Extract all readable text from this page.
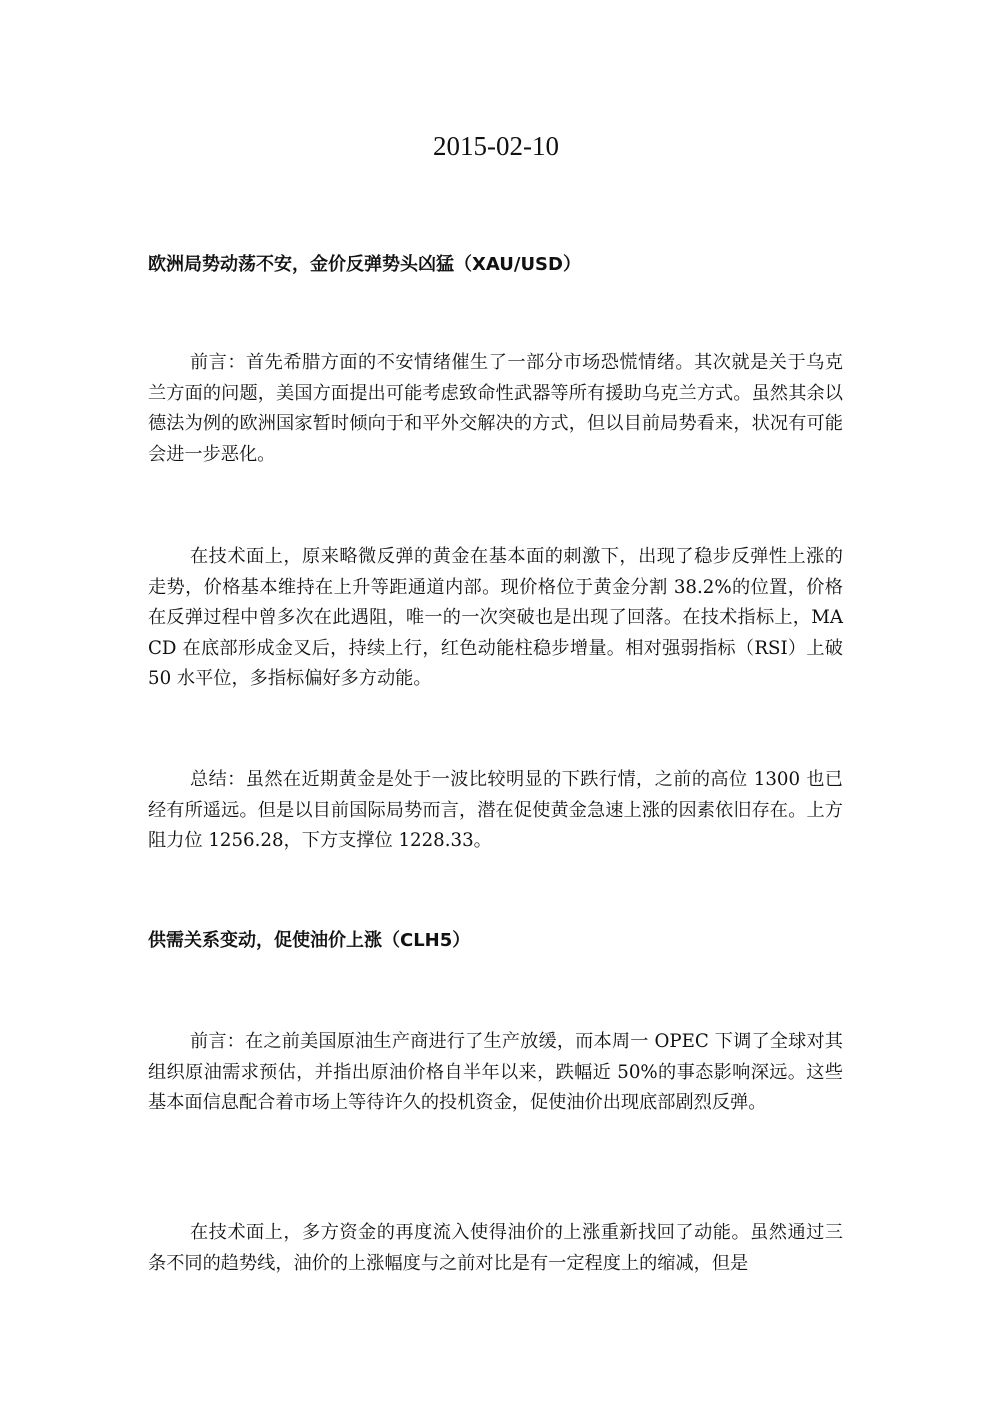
2015-02-10
欧洲局势动荡不安，金价反弹势头凶猛（XAU/USD）
前言：首先希腊方面的不安情绪催生了一部分市场恐慌情绪。其次就是关于乌克兰方面的问题，美国方面提出可能考虑致命性武器等所有援助乌克兰方式。虽然其余以德法为例的欧洲国家暂时倾向于和平外交解决的方式，但以目前局势看来，状况有可能会进一步恶化。
在技术面上，原来略微反弹的黄金在基本面的刺激下，出现了稳步反弹性上涨的走势，价格基本维持在上升等距通道内部。现价格位于黄金分割 38.2%的位置，价格在反弹过程中曾多次在此遇阻，唯一的一次突破也是出现了回落。在技术指标上，MACD 在底部形成金叉后，持续上行，红色动能柱稳步增量。相对强弱指标（RSI）上破 50 水平位，多指标偏好多方动能。
总结：虽然在近期黄金是处于一波比较明显的下跌行情，之前的高位 1300 也已经有所遥远。但是以目前国际局势而言，潜在促使黄金急速上涨的因素依旧存在。上方阻力位 1256.28，下方支撑位 1228.33。
供需关系变动，促使油价上涨（CLH5）
前言：在之前美国原油生产商进行了生产放缓，而本周一 OPEC 下调了全球对其组织原油需求预估，并指出原油价格自半年以来，跌幅近 50%的事态影响深远。这些基本面信息配合着市场上等待许久的投机资金，促使油价出现底部剧烈反弹。
在技术面上，多方资金的再度流入使得油价的上涨重新找回了动能。虽然通过三条不同的趋势线，油价的上涨幅度与之前对比是有一定程度上的缩减，但是
